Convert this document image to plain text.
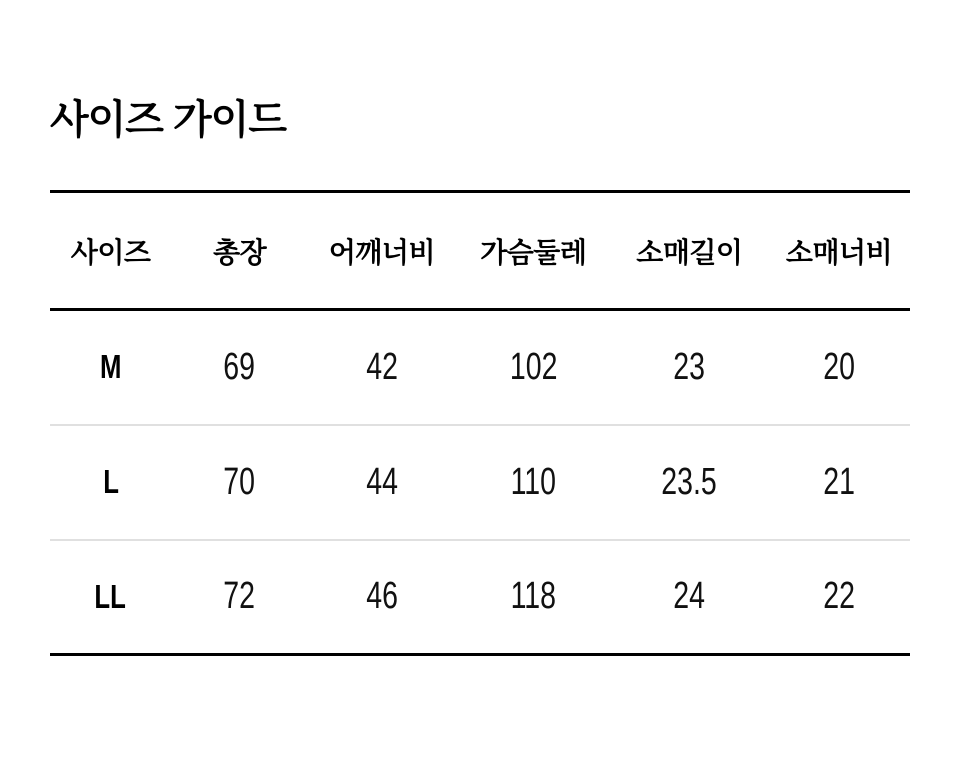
사이즈 가이드
사이즈	총장	어깨너비	가슴둘레	소매길이	소매너비
M	69	42	102	23	20
L	70	44	110	23.5	21
LL	72	46	118	24	22
